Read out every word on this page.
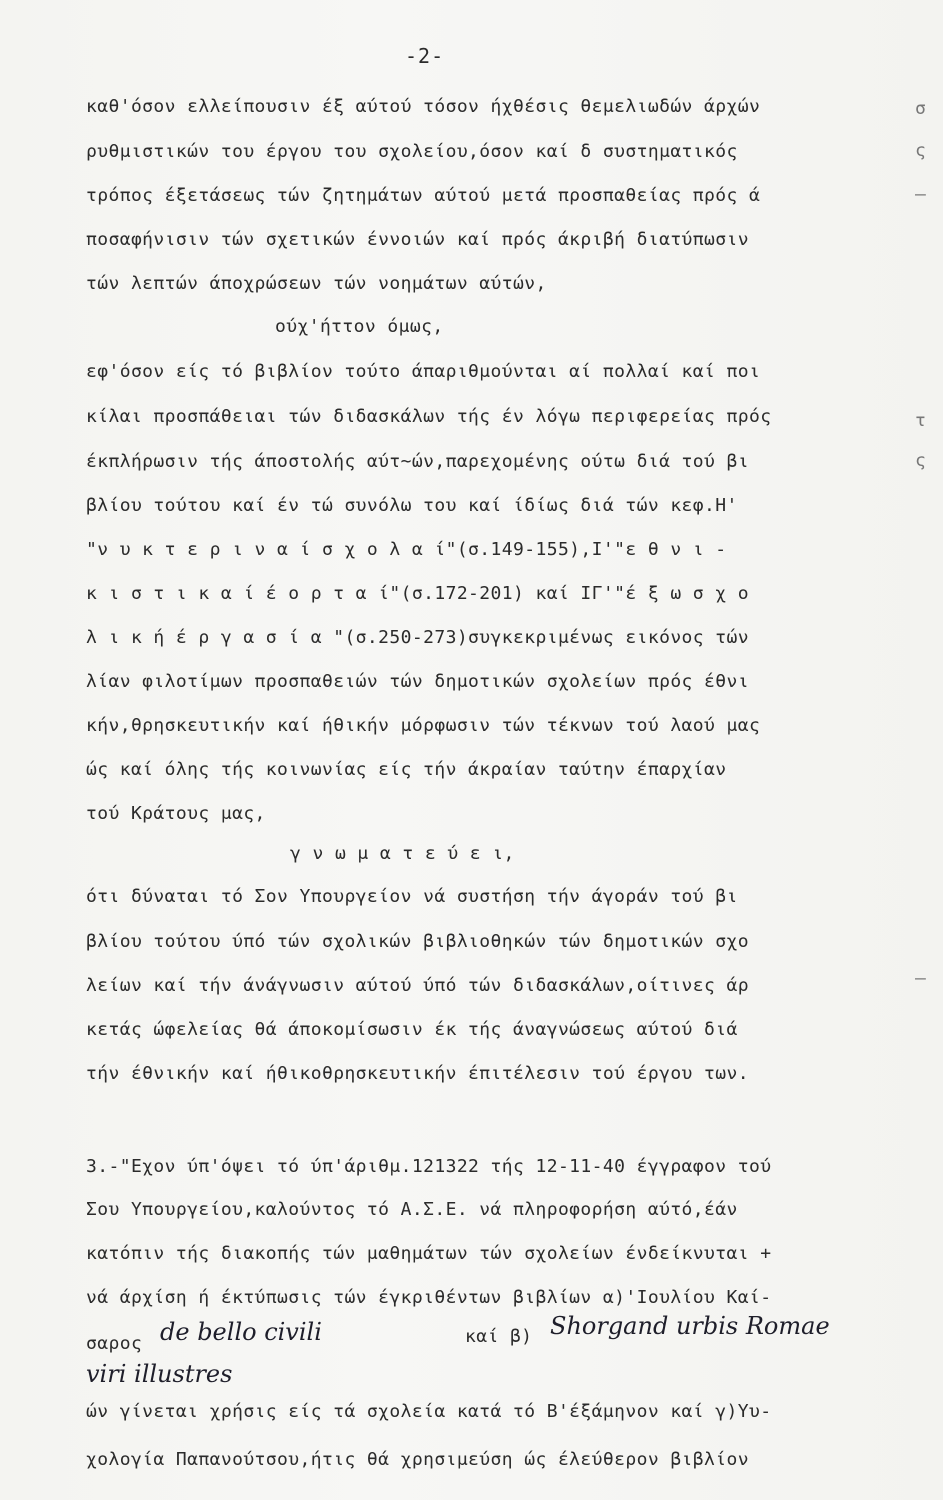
-2-
καθ'όσον ελλείπουσιν έξ αύτού τόσον ήχθέσις θεμελιωδών άρχών
ρυθμιστικών του έργου του σχολείου,όσον καί δ συστηματικός
τρόπος έξετάσεως τών ζητημάτων αύτού μετά προσπαθείας πρός ά
ποσαφήνισιν τών σχετικών έννοιών καί πρός άκριβή διατύπωσιν
τών λεπτών άποχρώσεων τών νοημάτων αύτών,
ούχ'ήττον όμως,
εφ'όσον είς τό βιβλίον τούτο άπαριθμούνται αί πολλαί καί ποι
κίλαι προσπάθειαι τών διδασκάλων τής έν λόγω περιφερείας πρός
έκπλήρωσιν τής άποστολής αύτ~ών,παρεχομένης ούτω διά τού βι
βλίου τούτου καί έν τώ συνόλω του καί ίδίως διά τών κεφ.Η'
"ν υ κ τ ε ρ ι ν α ί σ χ ο λ α ί"(σ.149-155),Ι'"ε θ ν ι -
κ ι σ τ ι κ α ί έ ο ρ τ α ί"(σ.172-201) καί ΙΓ'"έ ξ ω σ χ ο
λ ι κ ή έ ρ γ α σ ί α "(σ.250-273)συγκεκριμένως εικόνος τών
λίαν φιλοτίμων προσπαθειών τών δημοτικών σχολείων πρός έθνι
κήν,θρησκευτικήν καί ήθικήν μόρφωσιν τών τέκνων τού λαού μας
ώς καί όλης τής κοινωνίας είς τήν άκραίαν ταύτην έπαρχίαν
τού Κράτους μας,
γ ν ω μ α τ ε ύ ε ι,
ότι δύναται τό Σον Υπουργείον νά συστήση τήν άγοράν τού βι
βλίου τούτου ύπό τών σχολικών βιβλιοθηκών τών δημοτικών σχο
λείων καί τήν άνάγνωσιν αύτού ύπό τών διδασκάλων,οίτινες άρ
κετάς ώφελείας θά άποκομίσωσιν έκ τής άναγνώσεως αύτού διά
τήν έθνικήν καί ήθικοθρησκευτικήν έπιτέλεσιν τού έργου των.
3.-"Εχον ύπ'όψει τό ύπ'άριθμ.121322 τής 12-11-40 έγγραφον τού
Σου Υπουργείου,καλούντος τό Α.Σ.Ε. νά πληροφορήση αύτό,έάν
κατόπιν τής διακοπής τών μαθημάτων τών σχολείων ένδείκνυται +
νά άρχίση ή έκτύπωσις τών έγκριθέντων βιβλίων α)'Ιουλίου Καί-
σαρος	καί β)
ών γίνεται χρήσις είς τά σχολεία κατά τό Β'έξάμηνον καί γ)Υυ-
χολογία Παπανούτσου,ήτις θά χρησιμεύση ώς έλεύθερον βιβλίον
de bello civili	Shorgand urbis Romae
viri illustres
σ
ς
–
τ
ς
–
